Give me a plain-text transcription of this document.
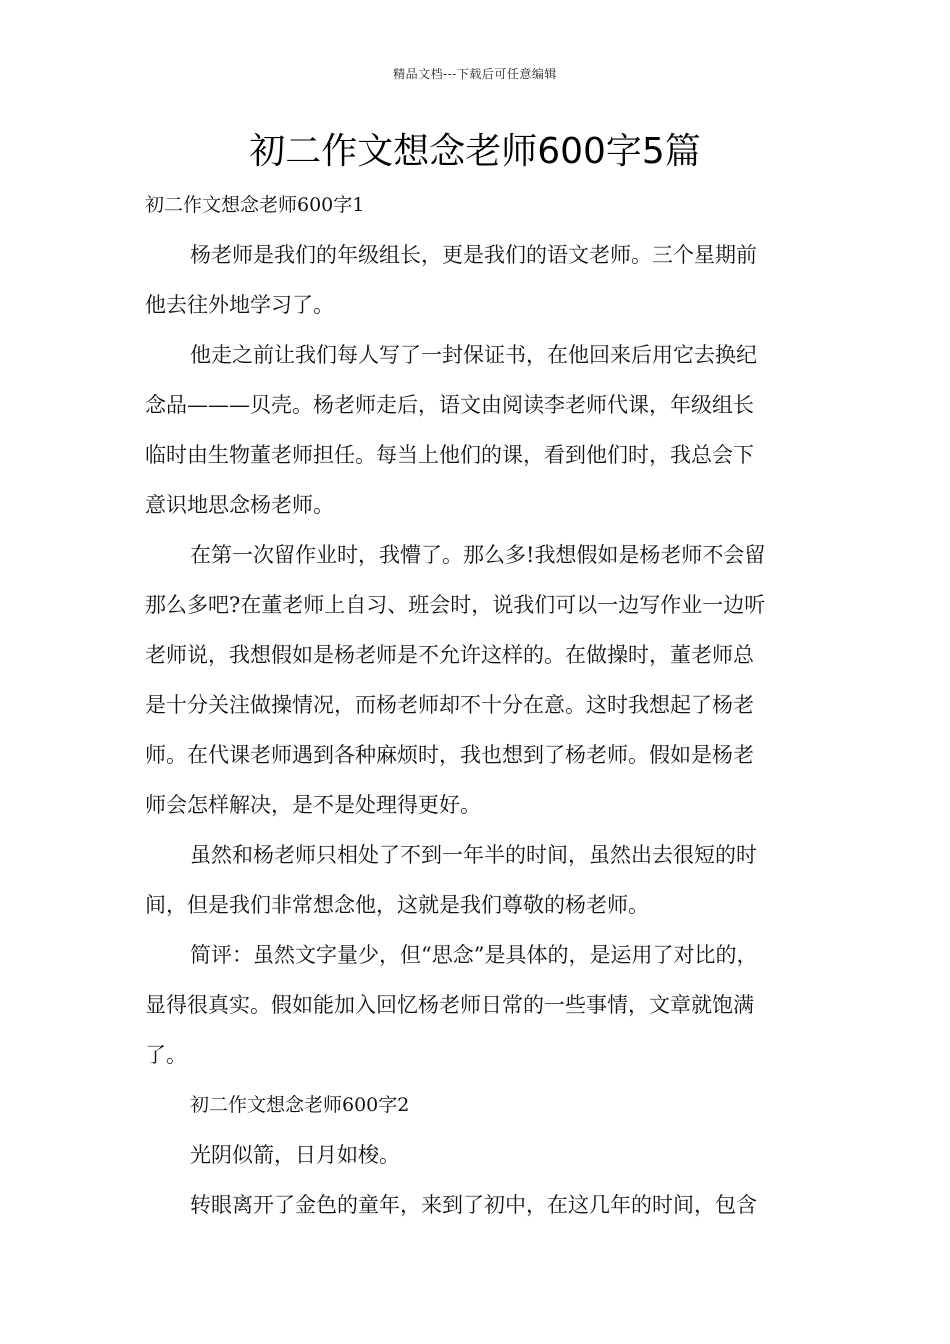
精品文档---下载后可任意编辑
初二作文想念老师600字5篇
初二作文想念老师600字1
杨老师是我们的年级组长，更是我们的语文老师。三个星期前
他去往外地学习了。
他走之前让我们每人写了一封保证书，在他回来后用它去换纪
念品———贝壳。杨老师走后，语文由阅读李老师代课，年级组长
临时由生物董老师担任。每当上他们的课，看到他们时，我总会下
意识地思念杨老师。
在第一次留作业时，我懵了。那么多!我想假如是杨老师不会留
那么多吧?在董老师上自习、班会时，说我们可以一边写作业一边听
老师说，我想假如是杨老师是不允许这样的。在做操时，董老师总
是十分关注做操情况，而杨老师却不十分在意。这时我想起了杨老
师。在代课老师遇到各种麻烦时，我也想到了杨老师。假如是杨老
师会怎样解决，是不是处理得更好。
虽然和杨老师只相处了不到一年半的时间，虽然出去很短的时
间，但是我们非常想念他，这就是我们尊敬的杨老师。
简评：虽然文字量少，但“思念”是具体的，是运用了对比的，
显得很真实。假如能加入回忆杨老师日常的一些事情，文章就饱满
了。
初二作文想念老师600字2
光阴似箭，日月如梭。
转眼离开了金色的童年，来到了初中，在这几年的时间，包含
